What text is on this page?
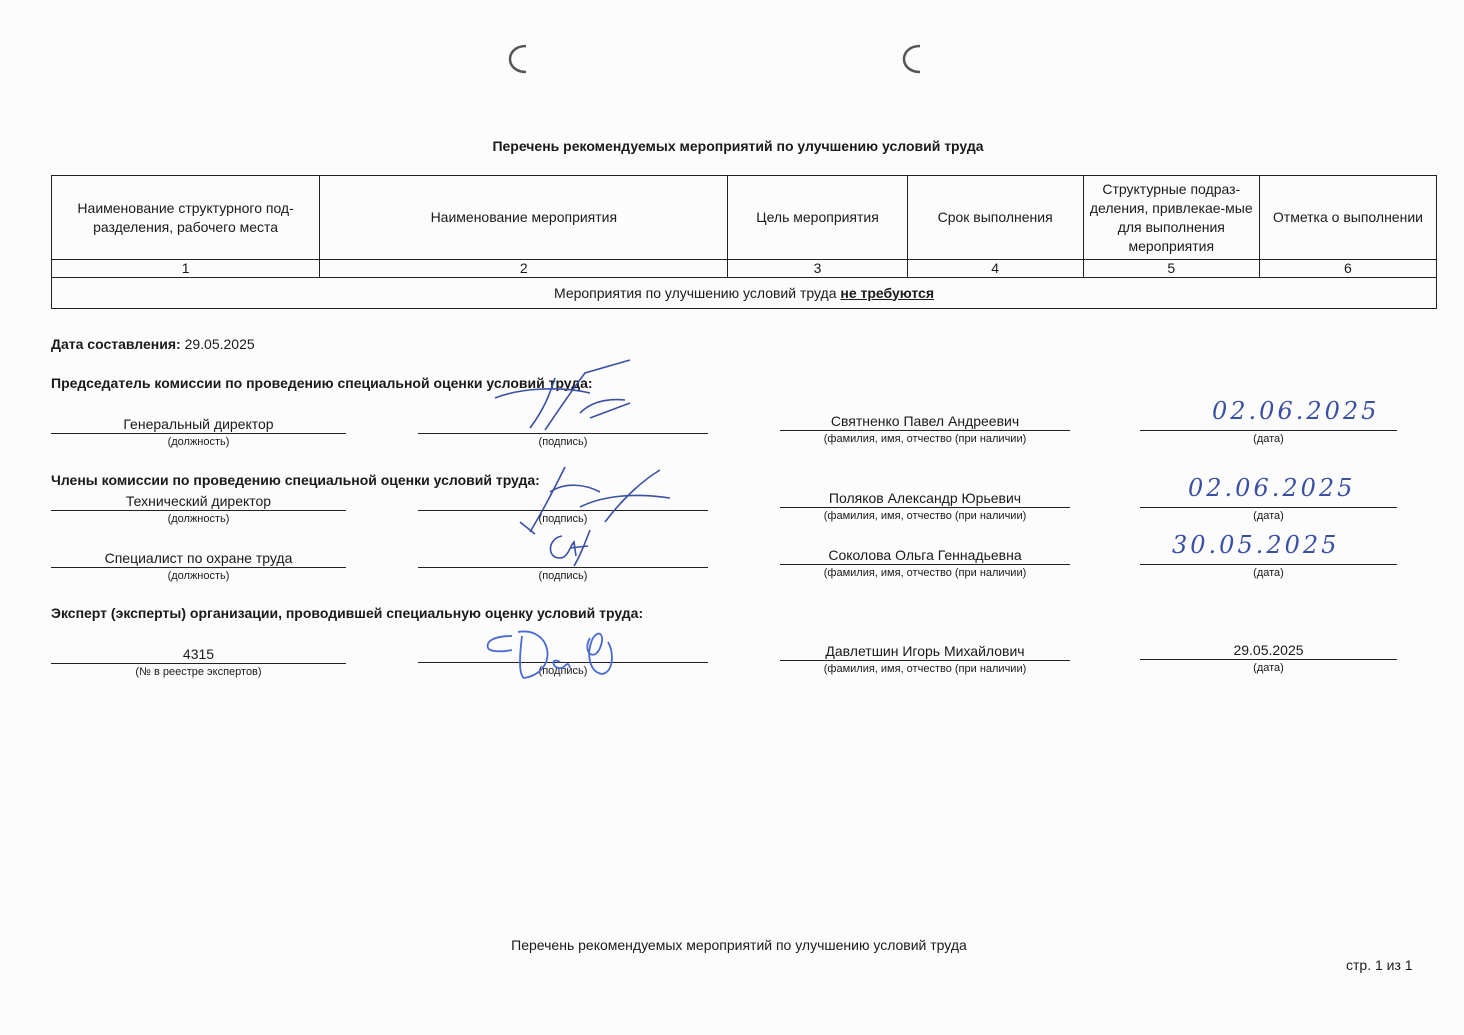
Перечень рекомендуемых мероприятий по улучшению условий труда
Наименование структурного под-разделения, рабочего места	Наименование мероприятия	Цель мероприятия	Срок выполнения	Структурные подраз-деления, привлекае-мые для выполнения мероприятия	Отметка о выполнении
1	2	3	4	5	6
Мероприятия по улучшению условий труда не требуются					
Дата составления: 29.05.2025
Председатель комиссии по проведению специальной оценки условий труда:
Генеральный директор
(должность)	(подпись)
Святненко Павел Андреевич
(фамилия, имя, отчество (при наличии)	(дата)
02.06.2025
Члены комиссии по проведению специальной оценки условий труда:
Технический директор
(должность)	(подпись)
Поляков Александр Юрьевич
(фамилия, имя, отчество (при наличии)	(дата)
02.06.2025
Специалист по охране труда
(должность)	(подпись)
Соколова Ольга Геннадьевна
(фамилия, имя, отчество (при наличии)	(дата)
30.05.2025
Эксперт (эксперты) организации, проводившей специальную оценку условий труда:
4315
(№ в реестре экспертов)	(подпись)
Давлетшин Игорь Михайлович
(фамилия, имя, отчество (при наличии)
29.05.2025
(дата)
Перечень рекомендуемых мероприятий по улучшению условий труда
стр. 1 из 1
